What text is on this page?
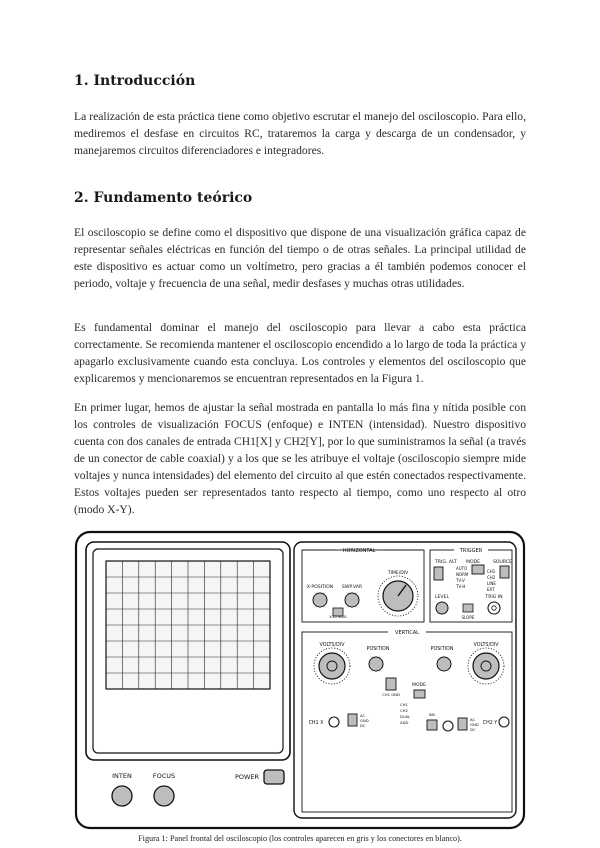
1. Introducción

La realización de esta práctica tiene como objetivo escrutar el manejo del osciloscopio. Para ello, mediremos el desfase en circuitos RC, trataremos la carga y descarga de un condensador, y manejaremos circuitos diferenciadores e integradores.

2. Fundamento teórico

El osciloscopio se define como el dispositivo que dispone de una visualización gráfica capaz de representar señales eléctricas en función del tiempo o de otras señales. La principal utilidad de este dispositivo es actuar como un voltímetro, pero gracias a él también podemos conocer el periodo, voltaje y frecuencia de una señal, medir desfases y muchas otras utilidades.

Es fundamental dominar el manejo del osciloscopio para llevar a cabo esta práctica correctamente. Se recomienda mantener el osciloscopio encendido a lo largo de toda la práctica y apagarlo exclusivamente cuando esta concluya. Los controles y elementos del osciloscopio que explicaremos y mencionaremos se encuentran representados en la Figura 1.

En primer lugar, hemos de ajustar la señal mostrada en pantalla lo más fina y nítida posible con los controles de visualización FOCUS (enfoque) e INTEN (intensidad). Nuestro dispositivo cuenta con dos canales de entrada CH1[X] y CH2[Y], por lo que suministramos la señal (a través de un conector de cable coaxial) y a los que se les atribuye el voltaje (osciloscopio siempre mide voltajes y nunca intensidades) del elemento del circuito al que estén conectados respectivamente. Estos voltajes pueden ser representados tanto respecto al tiempo, como uno respecto al otro (modo X-Y).

INTEN	FOCUS	POWER
HORIZONTAL	TRIGGER
TRIG. ALT MODE	SOURCE
AUTO
NORM
TV-V
TV-H
CH1
CH2
LINE
EXT
X-POSITION SWP.VAR
X10 MAG
TIME/DIV
LEVEL	TRIG IN
SLOPE
VERTICAL
VOLTS/DIV
POSITION
CH1 X
AC
GND
DC
CH1 GND
MODE
CH1
CH2
DUAL
ADD
POSITION
VOLTS/DIV
INV
AC
GND
DC
CH2 Y

Figura 1: Panel frontal del osciloscopio (los controles aparecen en gris y los conectores en blanco).
